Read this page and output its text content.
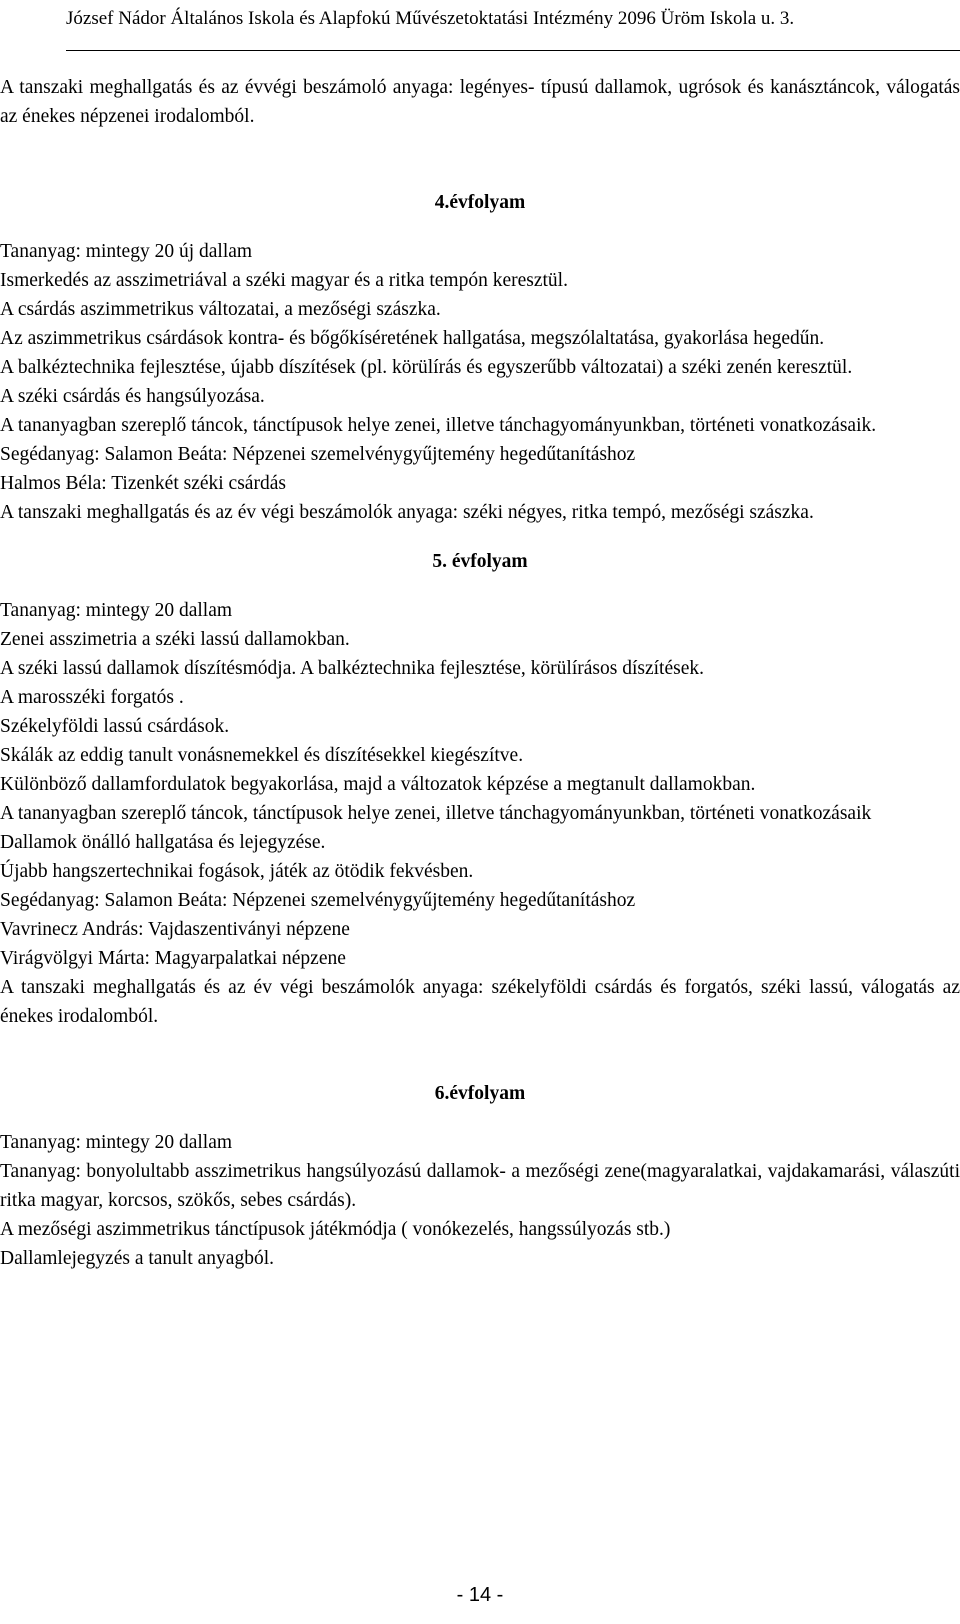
József Nádor Általános Iskola és Alapfokú Művészetoktatási Intézmény 2096 Üröm Iskola u. 3.

A tanszaki meghallgatás és az évvégi beszámoló anyaga: legényes- típusú dallamok, ugrósok és kanásztáncok, válogatás az énekes népzenei irodalomból.

4.évfolyam

Tananyag: mintegy 20 új dallam

Ismerkedés az asszimetriával a széki magyar és a ritka tempón keresztül.

A csárdás aszimmetrikus változatai, a mezőségi szászka.

Az aszimmetrikus csárdások kontra- és bőgőkíséretének hallgatása, megszólaltatása, gyakorlása hegedűn.

A balkéztechnika fejlesztése, újabb díszítések (pl. körülírás és egyszerűbb változatai) a széki zenén keresztül.

A széki csárdás és hangsúlyozása.

A tananyagban szereplő táncok, tánctípusok helye zenei, illetve tánchagyományunkban, történeti vonatkozásaik.

Segédanyag: Salamon Beáta: Népzenei szemelvénygyűjtemény hegedűtanításhoz

Halmos Béla: Tizenkét széki csárdás

A tanszaki meghallgatás és az év végi beszámolók anyaga: széki négyes, ritka tempó, mezőségi szászka.

5. évfolyam

Tananyag: mintegy 20 dallam

Zenei asszimetria a széki lassú dallamokban.

A széki lassú dallamok díszítésmódja. A balkéztechnika fejlesztése, körülírásos díszítések.

A marosszéki forgatós .

Székelyföldi lassú csárdások.

Skálák az eddig tanult vonásnemekkel és díszítésekkel kiegészítve.

Különböző dallamfordulatok begyakorlása, majd a változatok képzése a megtanult dallamokban.

A tananyagban szereplő táncok, tánctípusok helye zenei, illetve tánchagyományunkban, történeti vonatkozásaik

Dallamok önálló hallgatása és lejegyzése.

Újabb hangszertechnikai fogások, játék az ötödik fekvésben.

Segédanyag: Salamon Beáta: Népzenei szemelvénygyűjtemény hegedűtanításhoz

Vavrinecz András: Vajdaszentiványi népzene

Virágvölgyi Márta: Magyarpalatkai népzene

A tanszaki meghallgatás és az év végi beszámolók anyaga: székelyföldi csárdás és forgatós, széki lassú, válogatás az énekes irodalomból.

6.évfolyam

Tananyag: mintegy 20 dallam

Tananyag: bonyolultabb asszimetrikus hangsúlyozású dallamok- a mezőségi zene(magyaralatkai, vajdakamarási, válaszúti ritka magyar, korcsos, szökős, sebes csárdás).

A mezőségi aszimmetrikus tánctípusok játékmódja ( vonókezelés, hangssúlyozás stb.)

Dallamlejegyzés a tanult anyagból.

- 14 -
